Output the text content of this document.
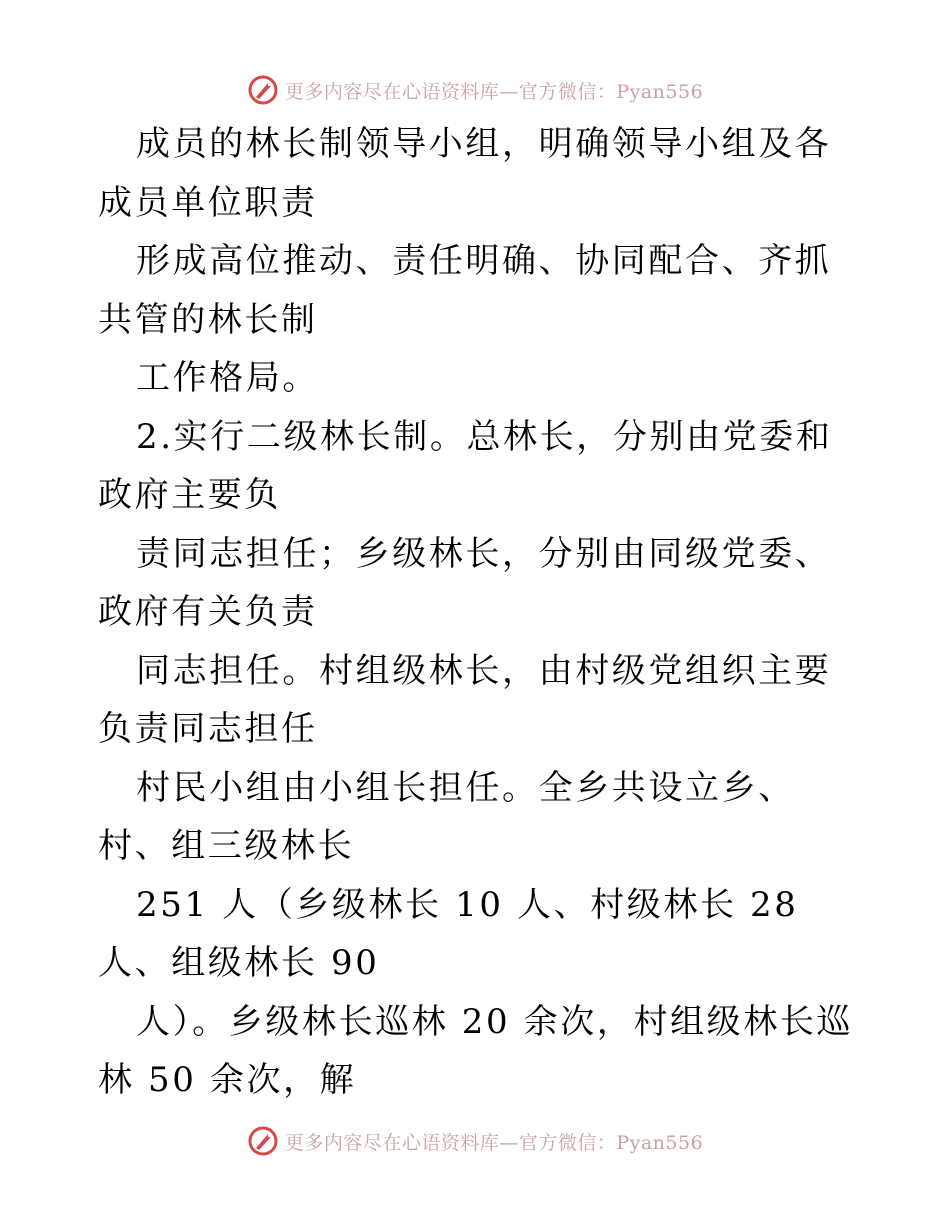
更多内容尽在心语资料库—官方微信：Pyan556

成员的林长制领导小组，明确领导小组及各成员单位职责

形成高位推动、责任明确、协同配合、齐抓共管的林长制

工作格局。

2.实行二级林长制。总林长，分别由党委和政府主要负

责同志担任；乡级林长，分别由同级党委、政府有关负责

同志担任。村组级林长，由村级党组织主要负责同志担任

村民小组由小组长担任。全乡共设立乡、村、组三级林长

251 人（乡级林长 10 人、村级林长 28 人、组级林长 90

人）。乡级林长巡林 20 余次，村组级林长巡林 50 余次，解

更多内容尽在心语资料库—官方微信：Pyan556
